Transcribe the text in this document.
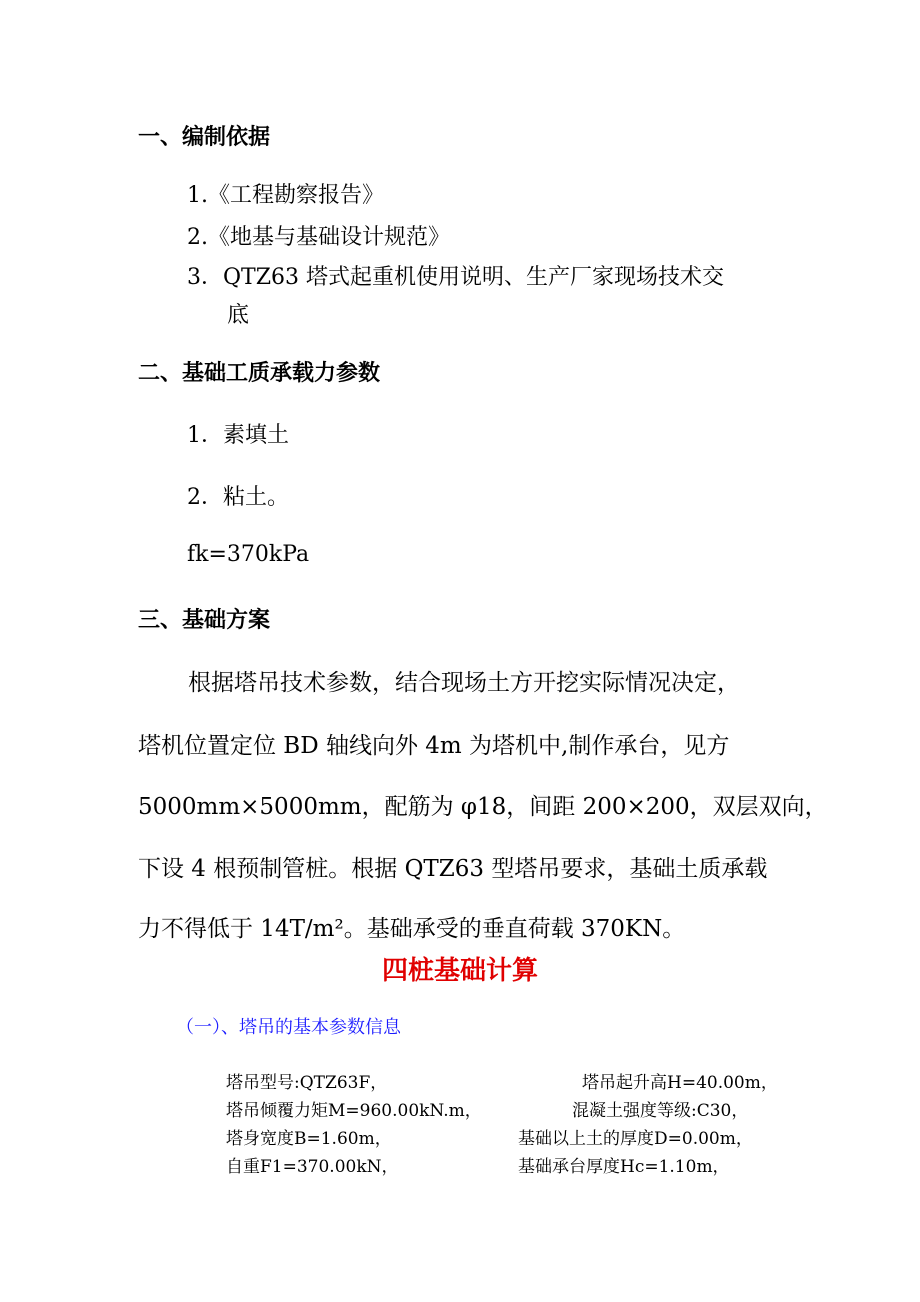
一、编制依据
1.《工程勘察报告》
2.《地基与基础设计规范》
3．QTZ63 塔式起重机使用说明、生产厂家现场技术交
底
二、基础工质承载力参数
1．素填土
2．粘土。
fk=370kPa
三、基础方案
根据塔吊技术参数，结合现场土方开挖实际情况决定，
塔机位置定位 BD 轴线向外 4m 为塔机中,制作承台，见方
5000mm×5000mm，配筋为 φ18，间距 200×200，双层双向，
下设 4 根预制管桩。根据 QTZ63 型塔吊要求，基础土质承载
力不得低于 14T/m²。基础承受的垂直荷载 370KN。
四桩基础计算
（一）、塔吊的基本参数信息
塔吊型号:QTZ63F，	塔吊起升高H=40.00m，
塔吊倾覆力矩M=960.00kN.m，	混凝土强度等级:C30，
塔身宽度B=1.60m，	基础以上土的厚度D=0.00m，
自重F1=370.00kN，	基础承台厚度Hc=1.10m，
